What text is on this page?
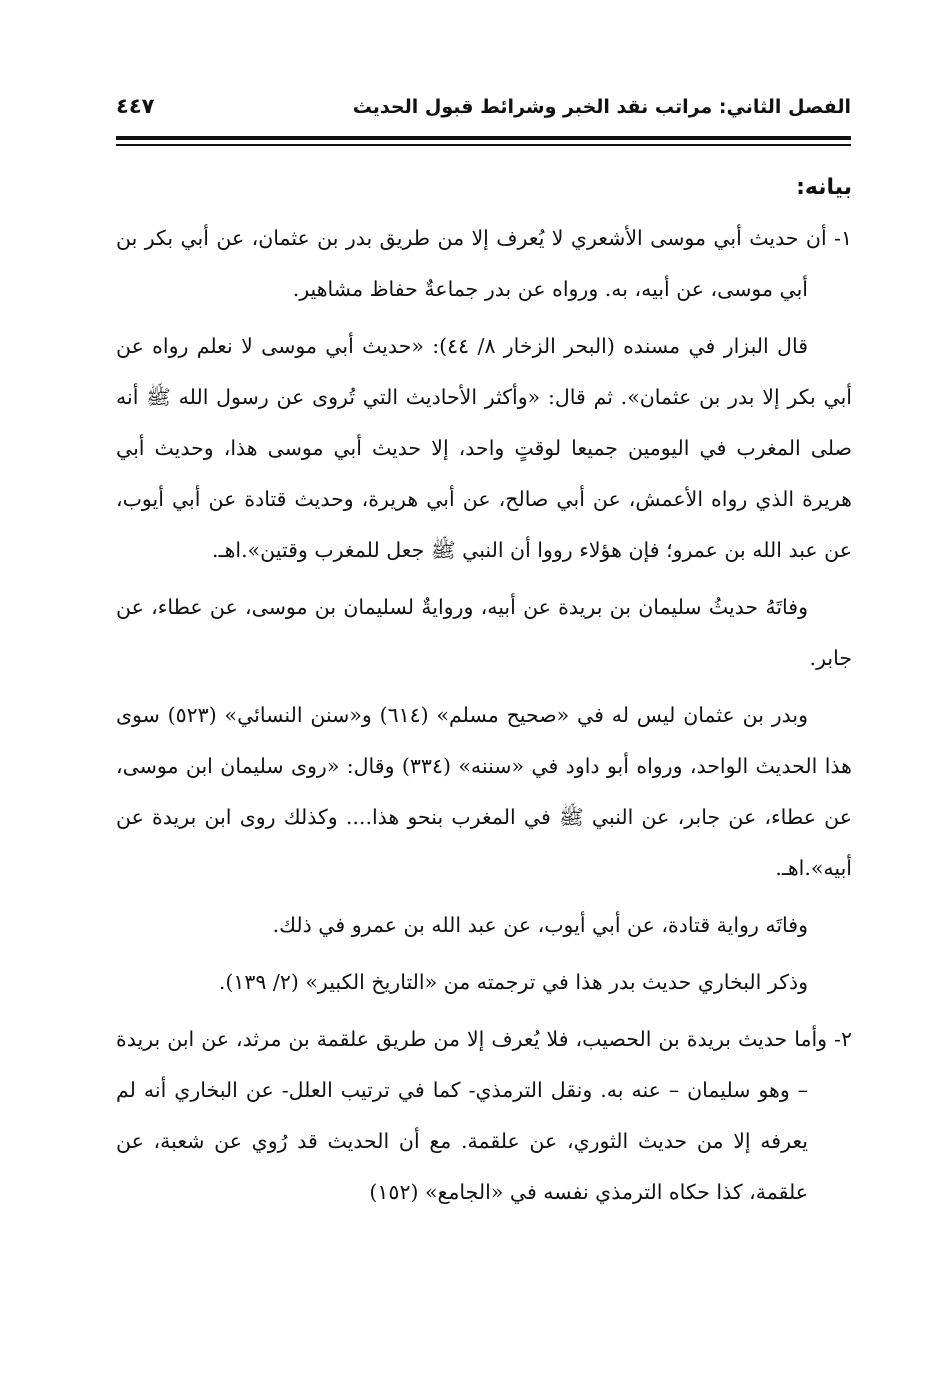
الفصل الثاني: مراتب نقد الخبر وشرائط قبول الحديث
٤٤٧

بيانه:

١- أن حديث أبي موسى الأشعري لا يُعرف إلا من طريق بدر بن عثمان، عن أبي بكر بن أبي موسى، عن أبيه، به. ورواه عن بدر جماعةٌ حفاظ مشاهير.

قال البزار في مسنده (البحر الزخار ٨/ ٤٤): «حديث أبي موسى لا نعلم رواه عن أبي بكر إلا بدر بن عثمان». ثم قال: «وأكثر الأحاديث التي تُروى عن رسول الله ﷺ أنه صلى المغرب في اليومين جميعا لوقتٍ واحد، إلا حديث أبي موسى هذا، وحديث أبي هريرة الذي رواه الأعمش، عن أبي صالح، عن أبي هريرة، وحديث قتادة عن أبي أيوب، عن عبد الله بن عمرو؛ فإن هؤلاء رووا أن النبي ﷺ جعل للمغرب وقتين».اهـ.

وفاتَهُ حديثُ سليمان بن بريدة عن أبيه، وروايةٌ لسليمان بن موسى، عن عطاء، عن جابر.

وبدر بن عثمان ليس له في «صحيح مسلم» (٦١٤) و«سنن النسائي» (٥٢٣) سوى هذا الحديث الواحد، ورواه أبو داود في «سننه» (٣٣٤) وقال: «روى سليمان ابن موسى، عن عطاء، عن جابر، عن النبي ﷺ في المغرب بنحو هذا.... وكذلك روى ابن بريدة عن أبيه».اهـ.

وفاتَه رواية قتادة، عن أبي أيوب، عن عبد الله بن عمرو في ذلك.

وذكر البخاري حديث بدر هذا في ترجمته من «التاريخ الكبير» (٢/ ١٣٩).

٢- وأما حديث بريدة بن الحصيب، فلا يُعرف إلا من طريق علقمة بن مرثد، عن ابن بريدة – وهو سليمان – عنه به. ونقل الترمذي- كما في ترتيب العلل- عن البخاري أنه لم يعرفه إلا من حديث الثوري، عن علقمة. مع أن الحديث قد رُوي عن شعبة، عن علقمة، كذا حكاه الترمذي نفسه في «الجامع» (١٥٢)
